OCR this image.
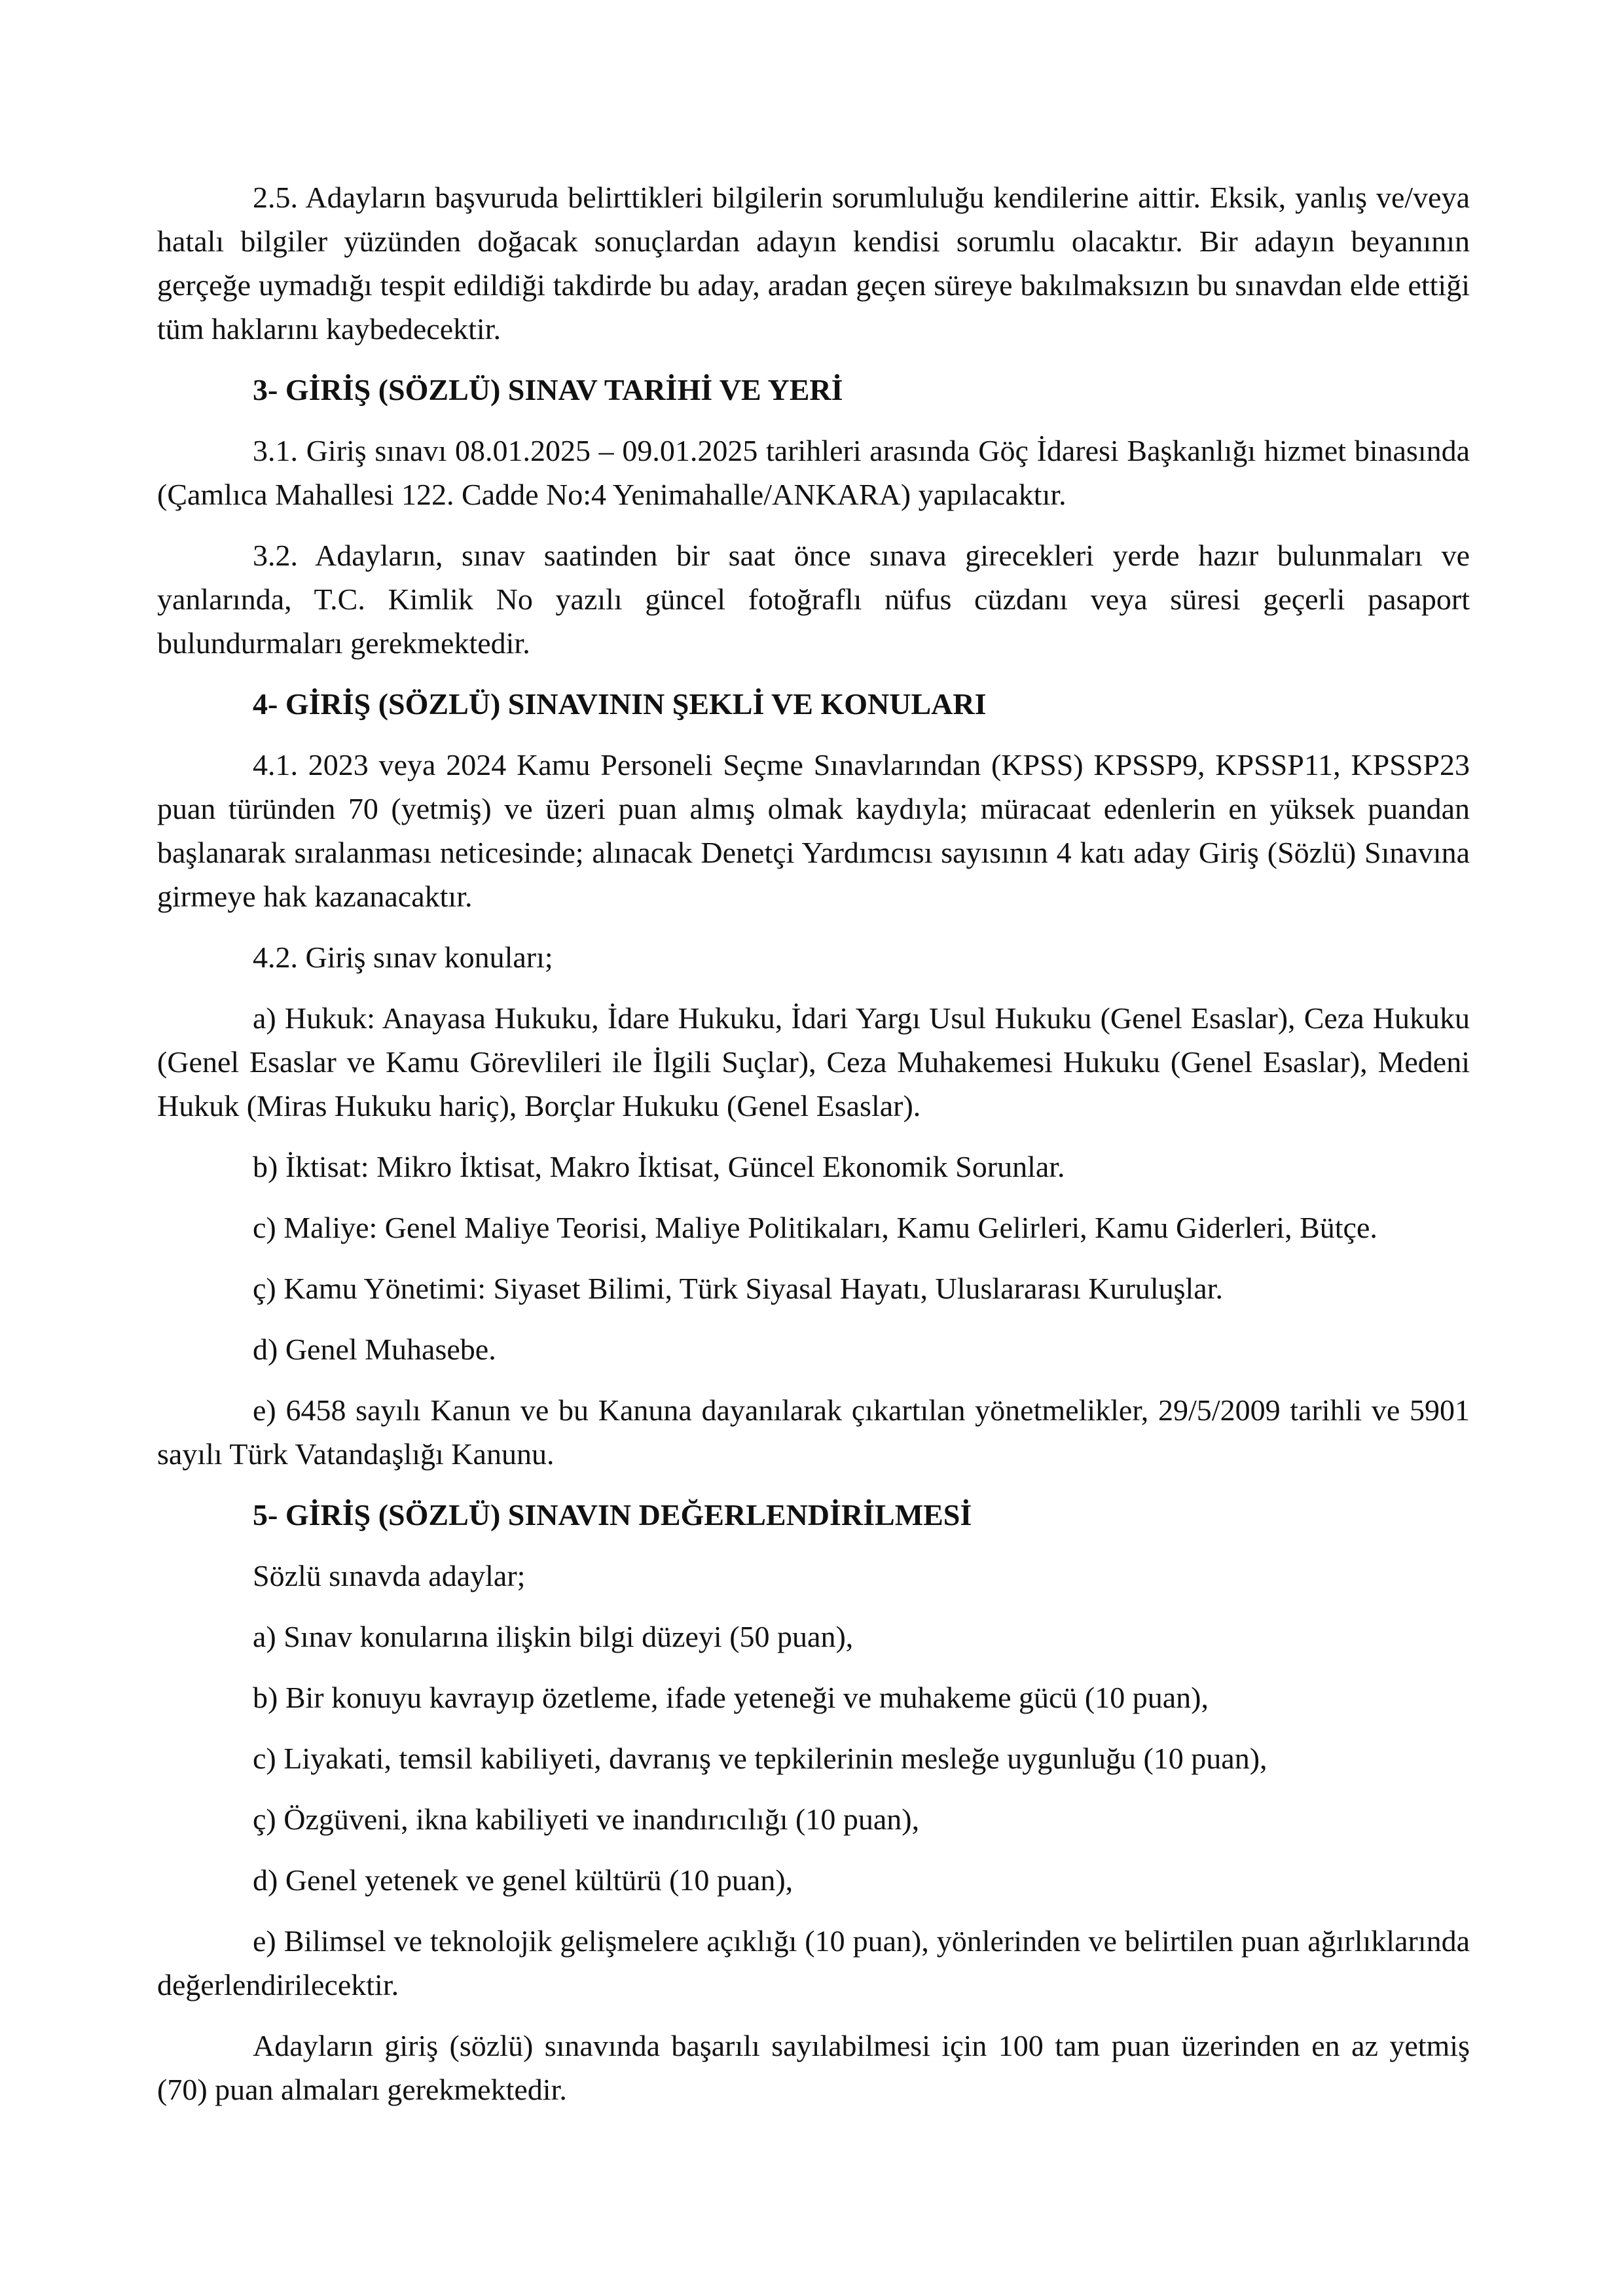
2.5. Adayların başvuruda belirttikleri bilgilerin sorumluluğu kendilerine aittir. Eksik, yanlış ve/veya hatalı bilgiler yüzünden doğacak sonuçlardan adayın kendisi sorumlu olacaktır. Bir adayın beyanının gerçeğe uymadığı tespit edildiği takdirde bu aday, aradan geçen süreye bakılmaksızın bu sınavdan elde ettiği tüm haklarını kaybedecektir.

3- GİRİŞ (SÖZLÜ) SINAV TARİHİ VE YERİ

3.1. Giriş sınavı 08.01.2025 – 09.01.2025 tarihleri arasında Göç İdaresi Başkanlığı hizmet binasında (Çamlıca Mahallesi 122. Cadde No:4 Yenimahalle/ANKARA) yapılacaktır.

3.2. Adayların, sınav saatinden bir saat önce sınava girecekleri yerde hazır bulunmaları ve yanlarında, T.C. Kimlik No yazılı güncel fotoğraflı nüfus cüzdanı veya süresi geçerli pasaport bulundurmaları gerekmektedir.

4- GİRİŞ (SÖZLÜ) SINAVININ ŞEKLİ VE KONULARI

4.1. 2023 veya 2024 Kamu Personeli Seçme Sınavlarından (KPSS) KPSSP9, KPSSP11, KPSSP23 puan türünden 70 (yetmiş) ve üzeri puan almış olmak kaydıyla; müracaat edenlerin en yüksek puandan başlanarak sıralanması neticesinde; alınacak Denetçi Yardımcısı sayısının 4 katı aday Giriş (Sözlü) Sınavına girmeye hak kazanacaktır.

4.2. Giriş sınav konuları;

a) Hukuk: Anayasa Hukuku, İdare Hukuku, İdari Yargı Usul Hukuku (Genel Esaslar), Ceza Hukuku (Genel Esaslar ve Kamu Görevlileri ile İlgili Suçlar), Ceza Muhakemesi Hukuku (Genel Esaslar), Medeni Hukuk (Miras Hukuku hariç), Borçlar Hukuku (Genel Esaslar).

b) İktisat: Mikro İktisat, Makro İktisat, Güncel Ekonomik Sorunlar.

c) Maliye: Genel Maliye Teorisi, Maliye Politikaları, Kamu Gelirleri, Kamu Giderleri, Bütçe.

ç) Kamu Yönetimi: Siyaset Bilimi, Türk Siyasal Hayatı, Uluslararası Kuruluşlar.

d) Genel Muhasebe.

e) 6458 sayılı Kanun ve bu Kanuna dayanılarak çıkartılan yönetmelikler, 29/5/2009 tarihli ve 5901 sayılı Türk Vatandaşlığı Kanunu.

5- GİRİŞ (SÖZLÜ) SINAVIN DEĞERLENDİRİLMESİ

Sözlü sınavda adaylar;

a) Sınav konularına ilişkin bilgi düzeyi (50 puan),

b) Bir konuyu kavrayıp özetleme, ifade yeteneği ve muhakeme gücü (10 puan),

c) Liyakati, temsil kabiliyeti, davranış ve tepkilerinin mesleğe uygunluğu (10 puan),

ç) Özgüveni, ikna kabiliyeti ve inandırıcılığı (10 puan),

d) Genel yetenek ve genel kültürü (10 puan),

e) Bilimsel ve teknolojik gelişmelere açıklığı (10 puan), yönlerinden ve belirtilen puan ağırlıklarında değerlendirilecektir.

Adayların giriş (sözlü) sınavında başarılı sayılabilmesi için 100 tam puan üzerinden en az yetmiş (70) puan almaları gerekmektedir.
